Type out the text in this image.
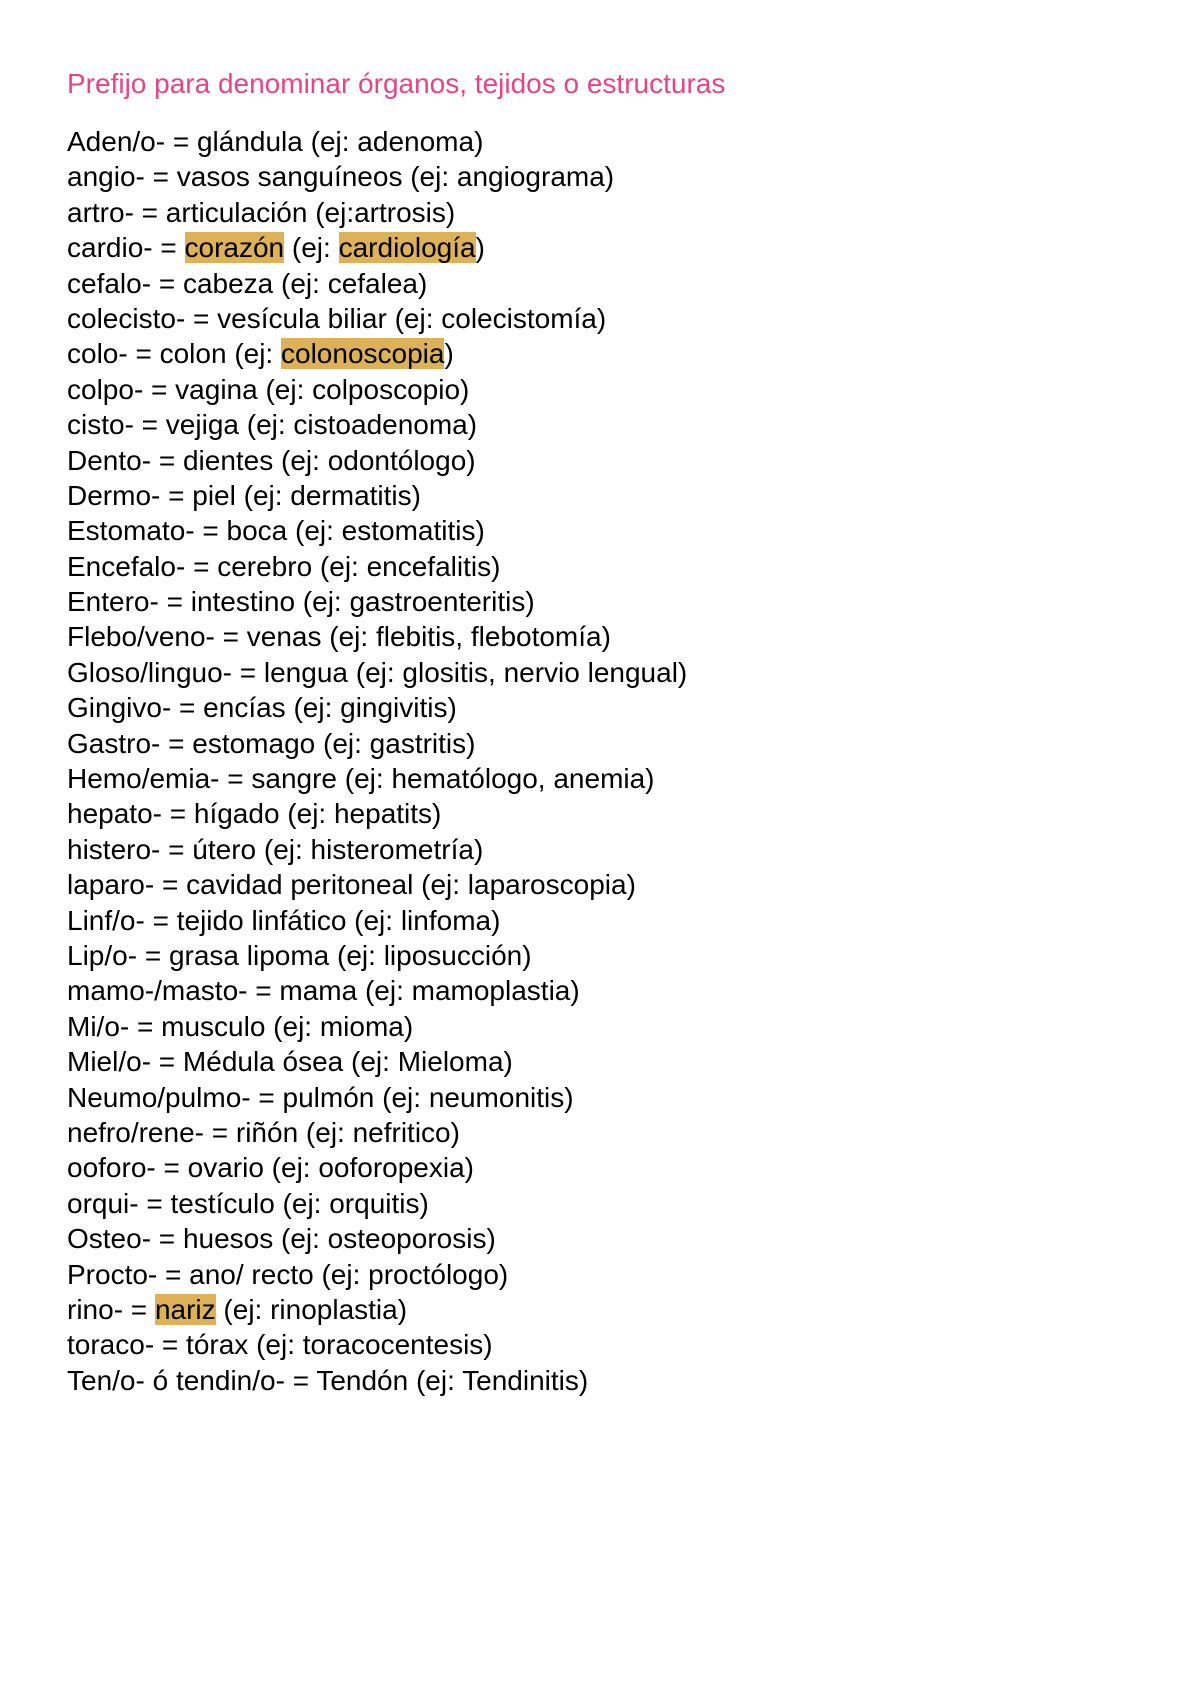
Prefijo para denominar órganos, tejidos o estructuras
Aden/o- = glándula (ej: adenoma)
angio- = vasos sanguíneos (ej: angiograma)
artro- = articulación (ej:artrosis)
cardio- = corazón (ej: cardiología)
cefalo- = cabeza (ej: cefalea)
colecisto- = vesícula biliar (ej: colecistomía)
colo- = colon (ej: colonoscopia)
colpo- = vagina (ej: colposcopio)
cisto- = vejiga (ej: cistoadenoma)
Dento- = dientes (ej: odontólogo)
Dermo- = piel (ej: dermatitis)
Estomato- = boca (ej: estomatitis)
Encefalo- = cerebro (ej: encefalitis)
Entero- = intestino (ej: gastroenteritis)
Flebo/veno- = venas (ej: flebitis, flebotomía)
Gloso/linguo- = lengua (ej: glositis, nervio lengual)
Gingivo- = encías (ej: gingivitis)
Gastro- = estomago (ej: gastritis)
Hemo/emia- = sangre (ej: hematólogo, anemia)
hepato- = hígado (ej: hepatits)
histero- = útero (ej: histerometría)
laparo- = cavidad peritoneal (ej: laparoscopia)
Linf/o- = tejido linfático (ej: linfoma)
Lip/o- = grasa lipoma (ej: liposucción)
mamo-/masto- = mama (ej: mamoplastia)
Mi/o- = musculo (ej: mioma)
Miel/o- = Médula ósea (ej: Mieloma)
Neumo/pulmo- = pulmón (ej: neumonitis)
nefro/rene- = riñón (ej: nefritico)
ooforo- = ovario (ej: ooforopexia)
orqui- = testículo (ej: orquitis)
Osteo- = huesos (ej: osteoporosis)
Procto- = ano/ recto (ej: proctólogo)
rino- = nariz (ej: rinoplastia)
toraco- = tórax (ej: toracocentesis)
Ten/o- ó tendin/o- = Tendón (ej: Tendinitis)
